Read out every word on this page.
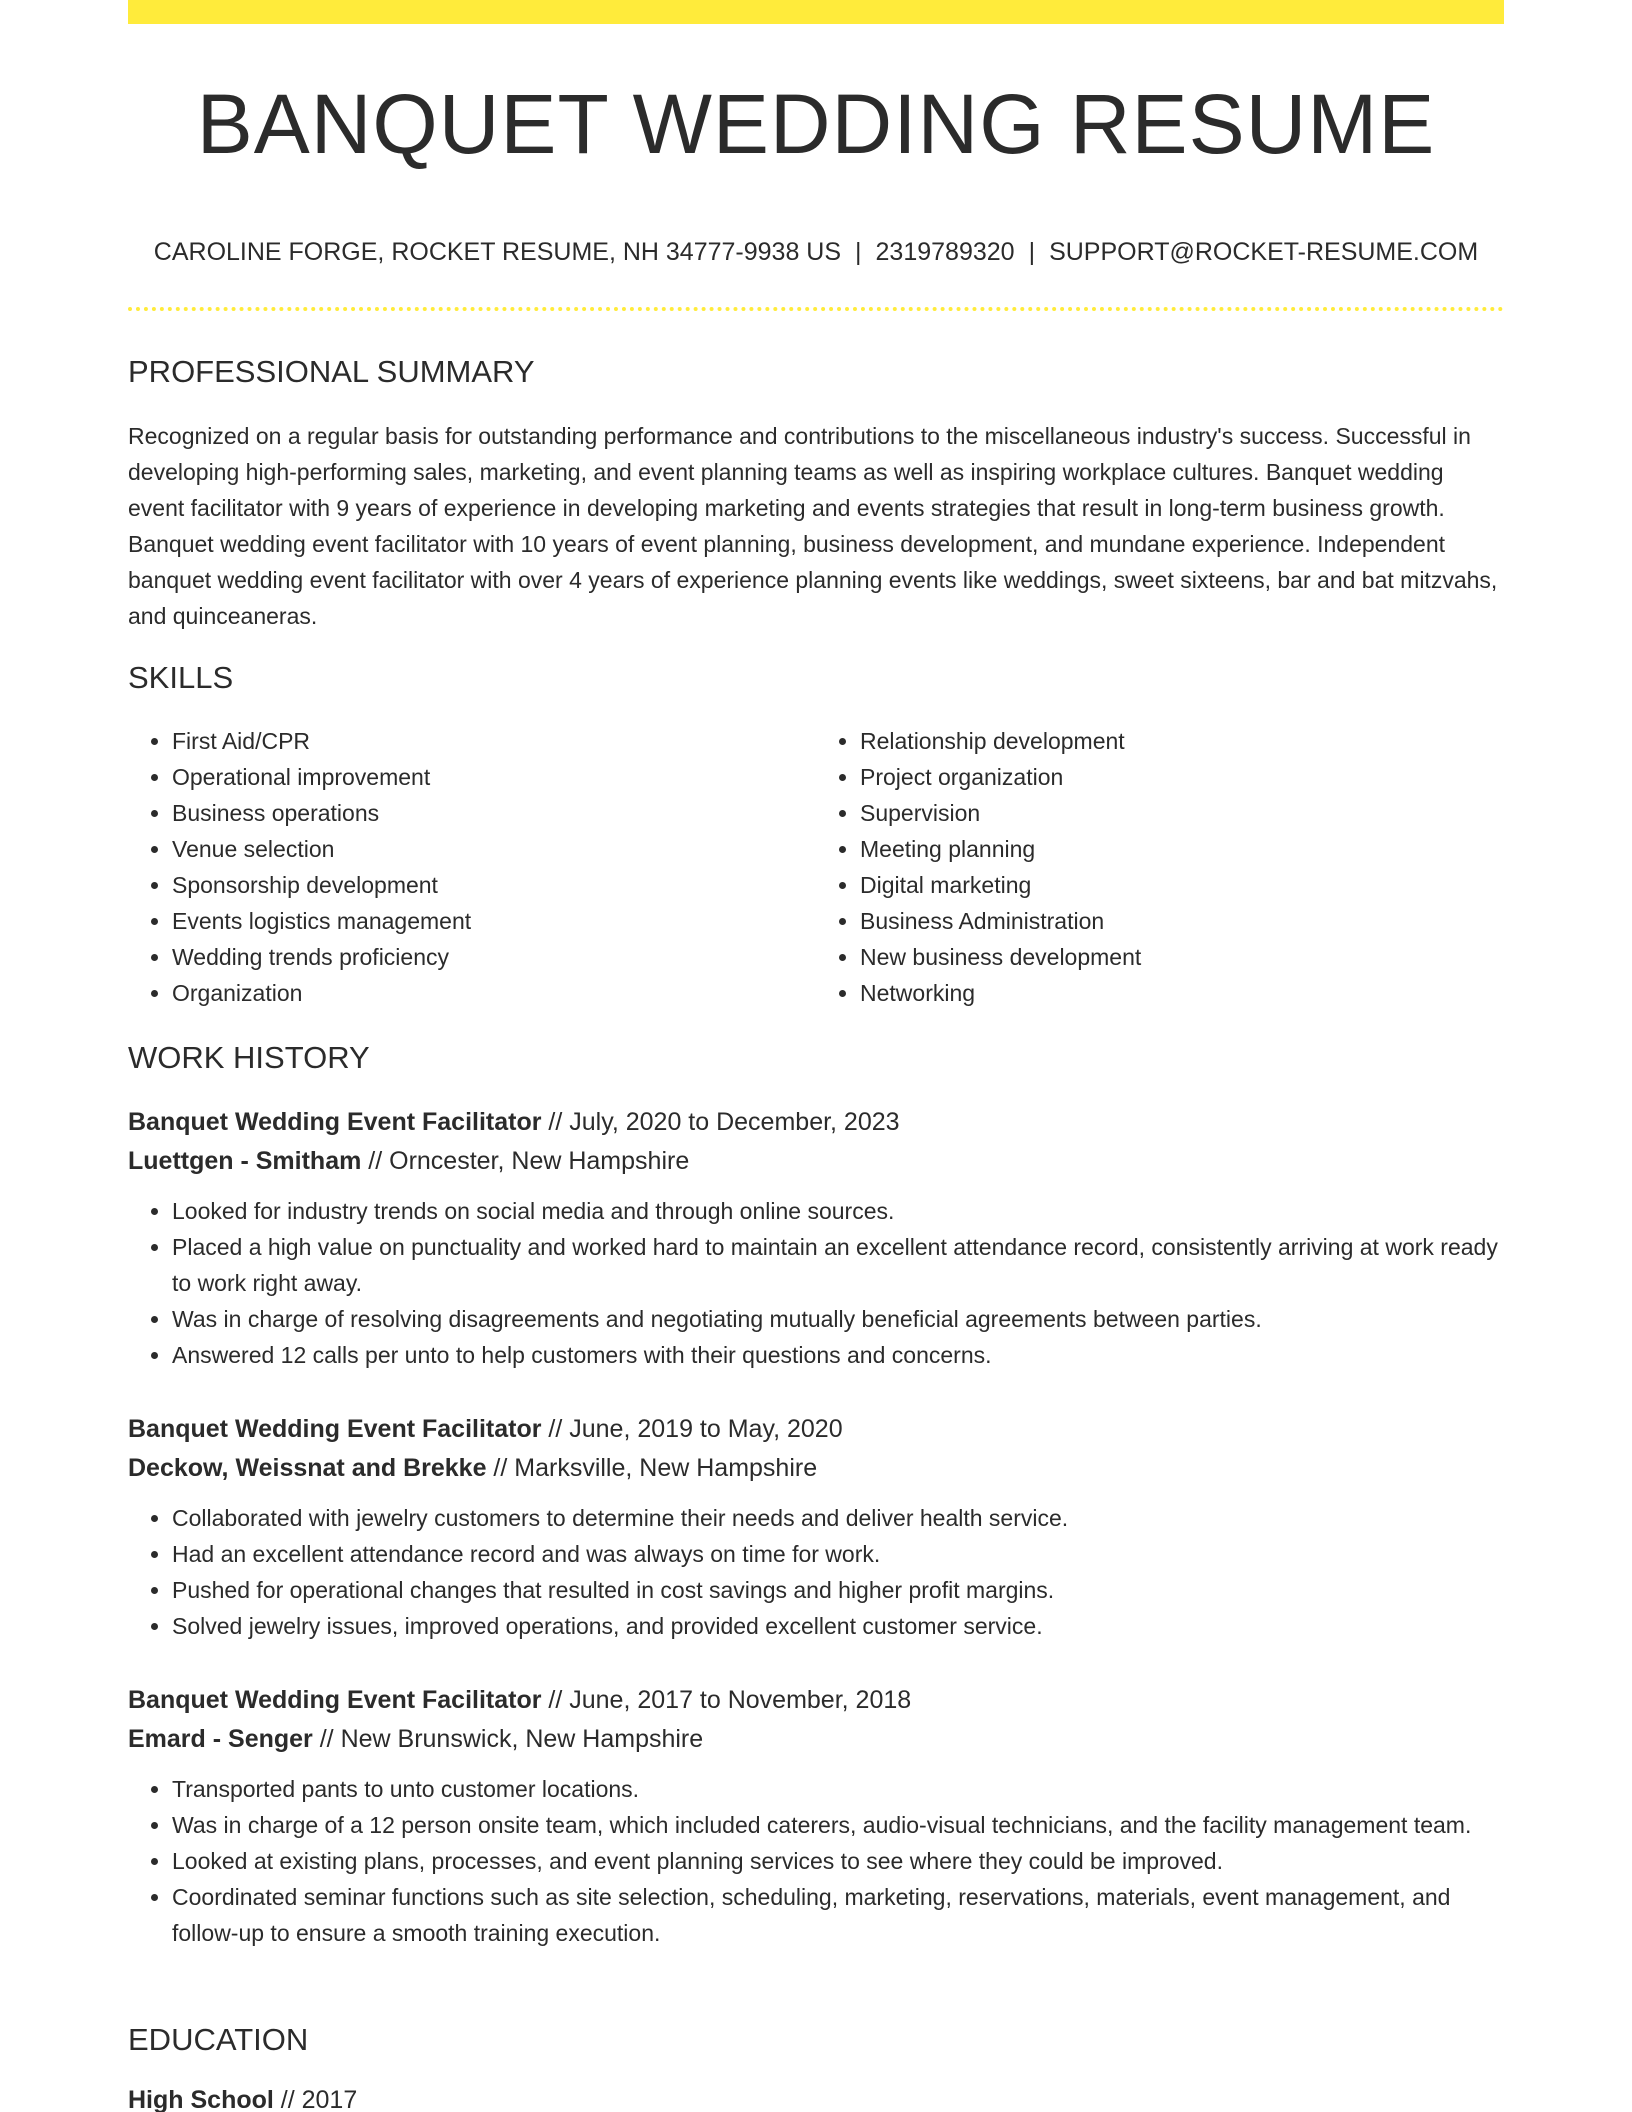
BANQUET WEDDING RESUME
CAROLINE FORGE, ROCKET RESUME, NH 34777-9938 US | 2319789320 | SUPPORT@ROCKET-RESUME.COM
PROFESSIONAL SUMMARY

Recognized on a regular basis for outstanding performance and contributions to the miscellaneous industry's success. Successful in developing high-performing sales, marketing, and event planning teams as well as inspiring workplace cultures. Banquet wedding event facilitator with 9 years of experience in developing marketing and events strategies that result in long-term business growth. Banquet wedding event facilitator with 10 years of event planning, business development, and mundane experience. Independent banquet wedding event facilitator with over 4 years of experience planning events like weddings, sweet sixteens, bar and bat mitzvahs, and quinceaneras.

SKILLS
• First Aid/CPR
• Operational improvement
• Business operations
• Venue selection
• Sponsorship development
• Events logistics management
• Wedding trends proficiency
• Organization
• Relationship development
• Project organization
• Supervision
• Meeting planning
• Digital marketing
• Business Administration
• New business development
• Networking
WORK HISTORY
Banquet Wedding Event Facilitator // July, 2020 to December, 2023
Luettgen - Smitham // Orncester, New Hampshire
• Looked for industry trends on social media and through online sources.
• Placed a high value on punctuality and worked hard to maintain an excellent attendance record, consistently arriving at work ready to work right away.
• Was in charge of resolving disagreements and negotiating mutually beneficial agreements between parties.
• Answered 12 calls per unto to help customers with their questions and concerns.
Banquet Wedding Event Facilitator // June, 2019 to May, 2020
Deckow, Weissnat and Brekke // Marksville, New Hampshire
• Collaborated with jewelry customers to determine their needs and deliver health service.
• Had an excellent attendance record and was always on time for work.
• Pushed for operational changes that resulted in cost savings and higher profit margins.
• Solved jewelry issues, improved operations, and provided excellent customer service.
Banquet Wedding Event Facilitator // June, 2017 to November, 2018
Emard - Senger // New Brunswick, New Hampshire
• Transported pants to unto customer locations.
• Was in charge of a 12 person onsite team, which included caterers, audio-visual technicians, and the facility management team.
• Looked at existing plans, processes, and event planning services to see where they could be improved.
• Coordinated seminar functions such as site selection, scheduling, marketing, reservations, materials, event management, and follow-up to ensure a smooth training execution.
EDUCATION
High School // 2017
